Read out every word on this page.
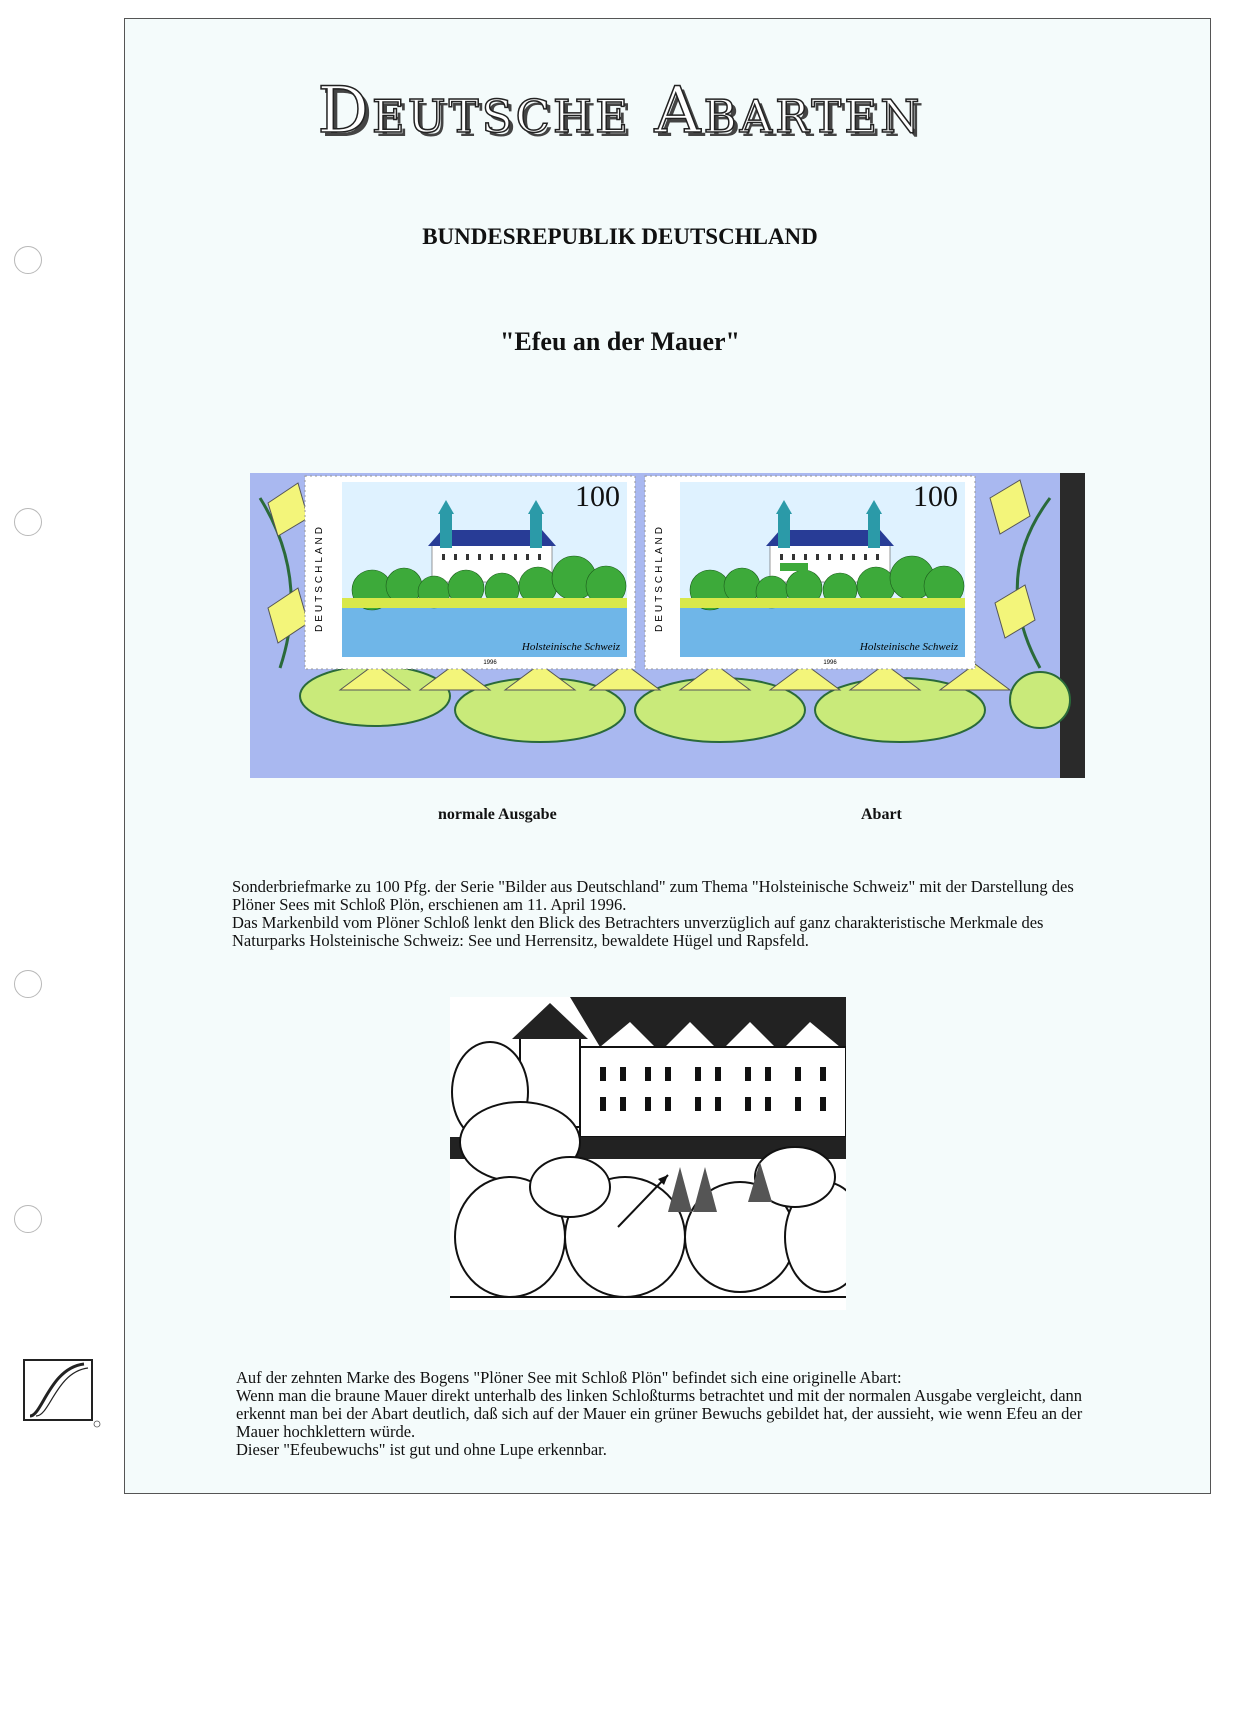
Deutsche Abarten
BUNDESREPUBLIK DEUTSCHLAND
"Efeu an der Mauer"
DEUTSCHLAND
100
Holsteinische Schweiz
1996
DEUTSCHLAND
100
Holsteinische Schweiz
1996
normale Ausgabe	Abart

Sonderbriefmarke zu 100 Pfg. der Serie "Bilder aus Deutschland" zum Thema "Holsteinische Schweiz" mit der Darstellung des Plöner Sees mit Schloß Plön, erschienen am 11. April 1996.

Das Markenbild vom Plöner Schloß lenkt den Blick des Betrachters unverzüglich auf ganz charakteristische Merkmale des Naturparks Holsteinische Schweiz: See und Herrensitz, bewaldete Hügel und Rapsfeld.

Auf der zehnten Marke des Bogens "Plöner See mit Schloß Plön" befindet sich eine originelle Abart:

Wenn man die braune Mauer direkt unterhalb des linken Schloßturms betrachtet und mit der normalen Ausgabe vergleicht, dann erkennt man bei der Abart deutlich, daß sich auf der Mauer ein grüner Bewuchs gebildet hat, der aussieht, wie wenn Efeu an der Mauer hochklettern würde.

Dieser "Efeubewuchs" ist gut und ohne Lupe erkennbar.
